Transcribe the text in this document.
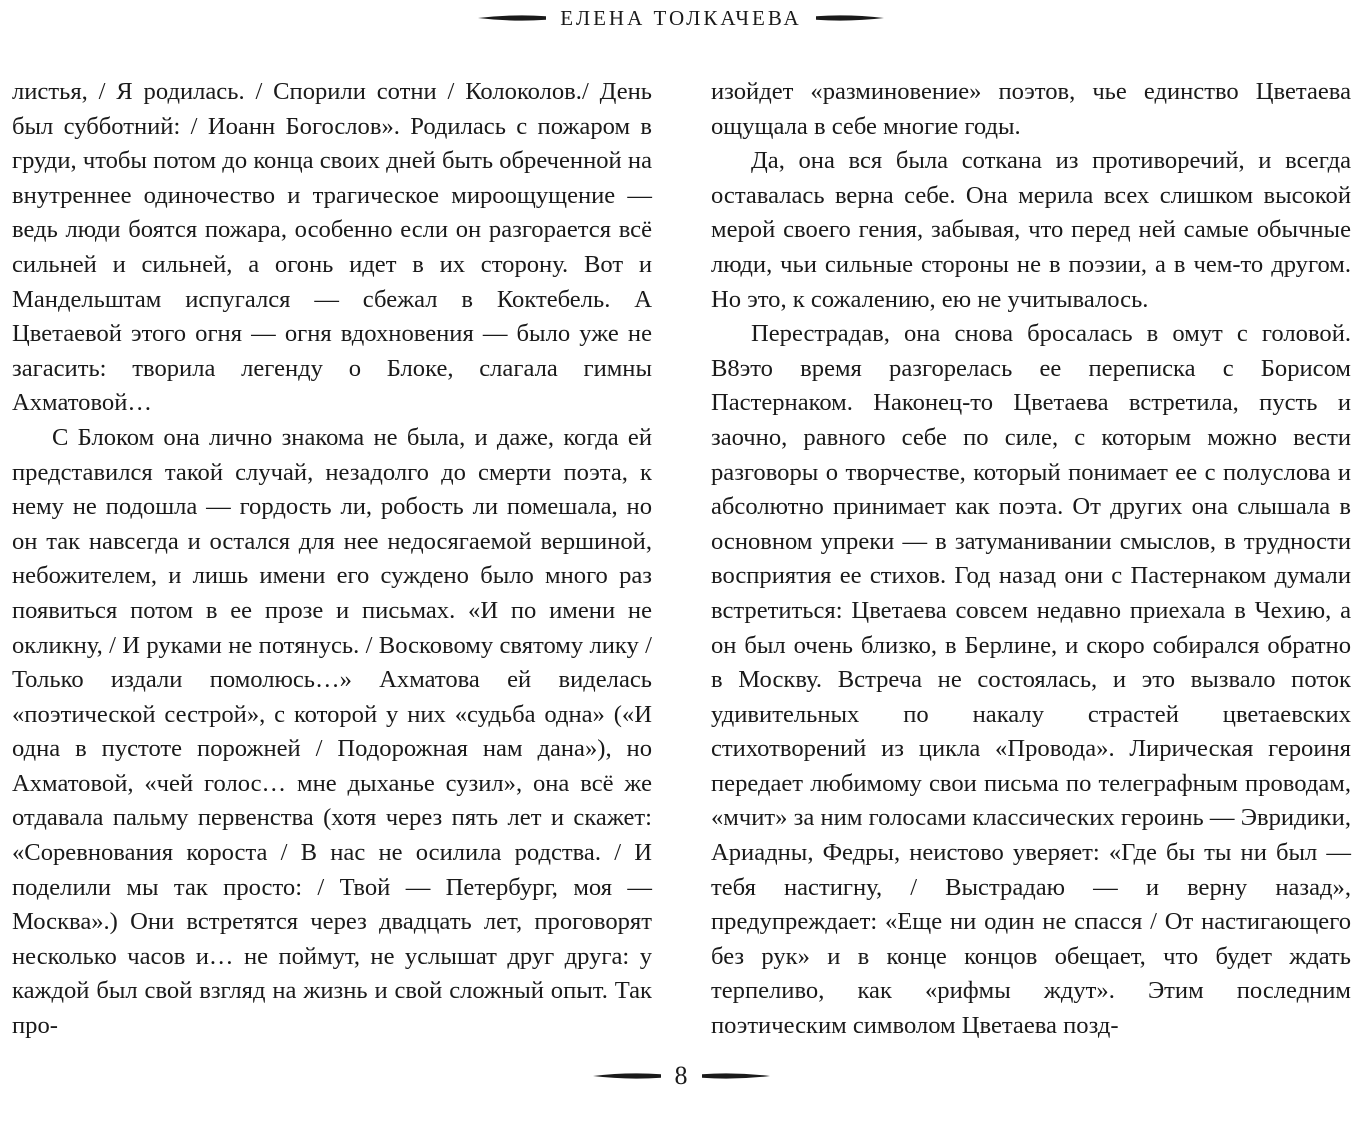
ЕЛЕНА ТОЛКАЧЕВА

листья, / Я родилась. / Спорили сотни / Колоколов./ День был субботний: / Иоанн Богослов». Родилась с пожаром в груди, чтобы потом до конца своих дней быть обреченной на внутреннее одиночество и трагическое мироощущение — ведь люди боятся пожара, особенно если он разгорается всё сильней и сильней, а огонь идет в их сторону. Вот и Мандельштам испугался — сбежал в Коктебель. А Цветаевой этого огня — огня вдохновения — было уже не загасить: творила легенду о Блоке, слагала гимны Ахматовой…

С Блоком она лично знакома не была, и даже, когда ей представился такой случай, незадолго до смерти поэта, к нему не подошла — гордость ли, робость ли помешала, но он так навсегда и остался для нее недосягаемой вершиной, небожителем, и лишь имени его суждено было много раз появиться потом в ее прозе и письмах. «И по имени не окликну, / И руками не потянусь. / Восковому святому лику / Только издали помолюсь…» Ахматова ей виделась «поэтической сестрой», с которой у них «судьба одна» («И одна в пустоте порожней / Подорожная нам дана»), но Ахматовой, «чей голос… мне дыханье сузил», она всё же отдавала пальму первенства (хотя через пять лет и скажет: «Соревнования короста / В нас не осилила родства. / И поделили мы так просто: / Твой — Петербург, моя — Москва».) Они встретятся через двадцать лет, проговорят несколько часов и… не поймут, не услышат друг друга: у каждой был свой взгляд на жизнь и свой сложный опыт. Так про-

изойдет «разминовение» поэтов, чье единство Цветаева ощущала в себе многие годы.

Да, она вся была соткана из противоречий, и всегда оставалась верна себе. Она мерила всех слишком высокой мерой своего гения, забывая, что перед ней самые обычные люди, чьи сильные стороны не в поэзии, а в чем-то другом. Но это, к сожалению, ею не учитывалось.

Перестрадав, она снова бросалась в омут с головой. В8это время разгорелась ее переписка с Борисом Пастернаком. Наконец-то Цветаева встретила, пусть и заочно, равного себе по силе, с которым можно вести разговоры о творчестве, который понимает ее с полуслова и абсолютно принимает как поэта. От других она слышала в основном упреки — в затуманивании смыслов, в трудности восприятия ее стихов. Год назад они с Пастернаком думали встретиться: Цветаева совсем недавно приехала в Чехию, а он был очень близко, в Берлине, и скоро собирался обратно в Москву. Встреча не состоялась, и это вызвало поток удивительных по накалу страстей цветаевских стихотворений из цикла «Провода». Лирическая героиня передает любимому свои письма по телеграфным проводам, «мчит» за ним голосами классических героинь — Эвридики, Ариадны, Федры, неистово уверяет: «Где бы ты ни был — тебя настигну, / Выстрадаю — и верну назад», предупреждает: «Еще ни один не спасся / От настигающего без рук» и в конце концов обещает, что будет ждать терпеливо, как «рифмы ждут». Этим последним поэтическим символом Цветаева позд-

8
